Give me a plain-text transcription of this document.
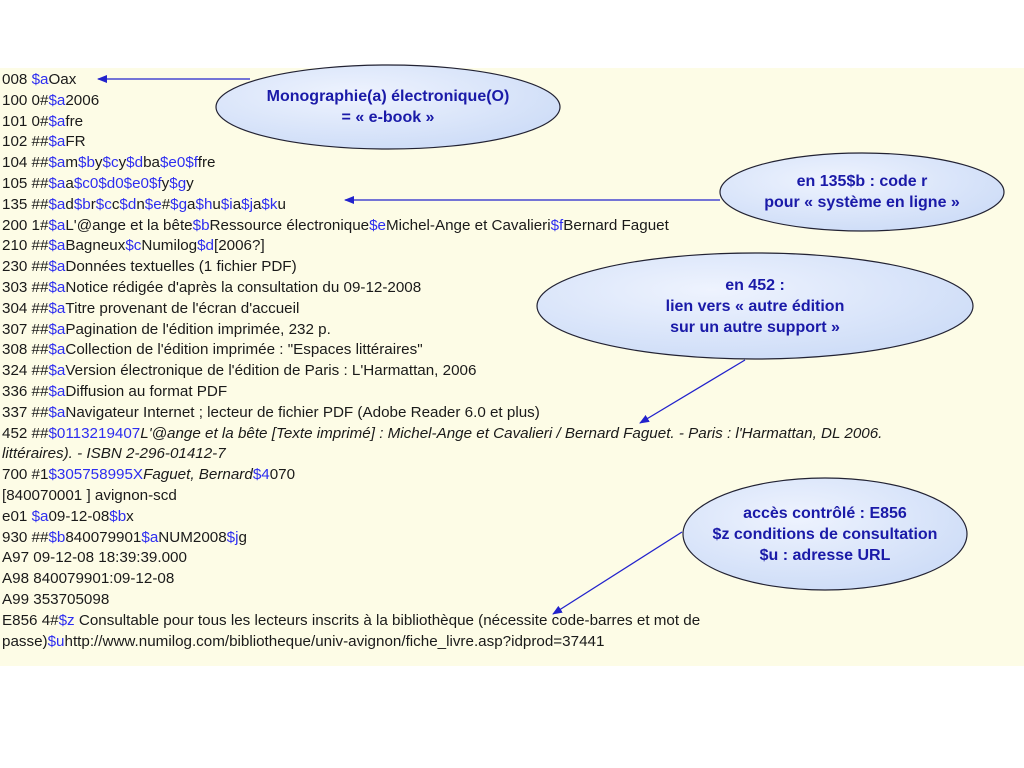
008 $aOax
100 0#$a2006
101 0#$afre
102 ##$aFR
104 ##$am$by$cy$dba$e0$ffre
105 ##$aa$c0$d0$e0$fy$gy
135 ##$ad$br$cc$dn$e#$ga$hu$ia$ja$ku
200 1#$aL'@ange et la bête$bRessource électronique$eMichel-Ange et Cavalieri$fBernard Faguet
210 ##$aBagneux$cNumilog$d[2006?]
230 ##$aDonnées textuelles (1 fichier PDF)
303 ##$aNotice rédigée d'après la consultation du 09-12-2008
304 ##$aTitre provenant de l'écran d'accueil
307 ##$aPagination de l'édition imprimée, 232 p.
308 ##$aCollection de l'édition imprimée : "Espaces littéraires"
324 ##$aVersion électronique de l'édition de Paris : L'Harmattan, 2006
336 ##$aDiffusion au format PDF
337 ##$aNavigateur Internet ; lecteur de fichier PDF (Adobe Reader 6.0 et plus)
452 ##$0113219407L'@ange et la bête [Texte imprimé] : Michel-Ange et Cavalieri / Bernard Faguet. - Paris : l'Harmattan, DL 2006.
littéraires). - ISBN 2-296-01412-7
700 #1$305758995XFaguet, Bernard$4070
[840070001 ] avignon-scd
e01 $a09-12-08$bx
930 ##$b840079901$aNUM2008$jg
A97 09-12-08 18:39:39.000
A98 840079901:09-12-08
A99 353705098
E856 4#$z Consultable pour tous les lecteurs inscrits à la bibliothèque (nécessite code-barres et mot de
passe)$uhttp://www.numilog.com/bibliotheque/univ-avignon/fiche_livre.asp?idprod=37441
Monographie(a) électronique(O)
= « e-book »
en 135$b : code r
pour « système en ligne »
en 452 :
lien vers « autre édition
sur un autre support »
accès contrôlé : E856
$z conditions de consultation
$u : adresse URL
